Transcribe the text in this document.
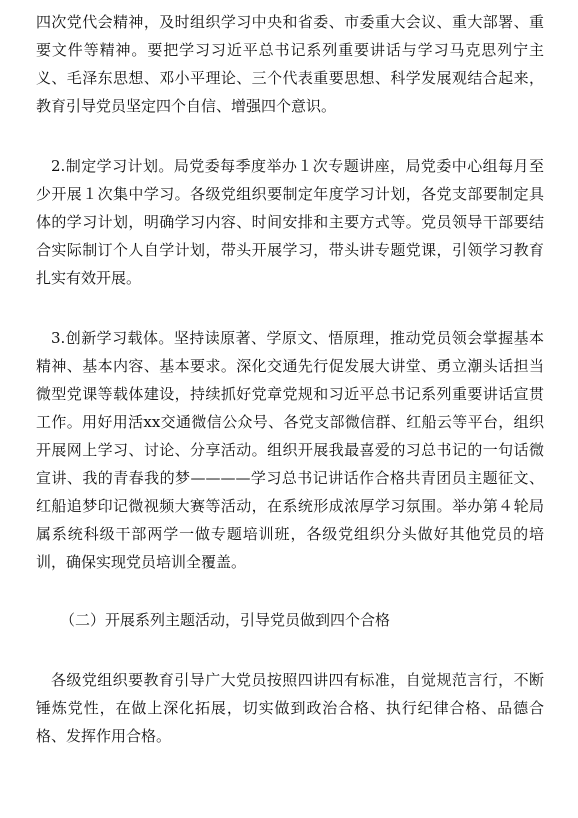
四次党代会精神，及时组织学习中央和省委、市委重大会议、重大部署、重要文件等精神。要把学习习近平总书记系列重要讲话与学习马克思列宁主义、毛泽东思想、邓小平理论、三个代表重要思想、科学发展观结合起来，教育引导党员坚定四个自信、增强四个意识。

2.制定学习计划。局党委每季度举办１次专题讲座，局党委中心组每月至少开展１次集中学习。各级党组织要制定年度学习计划，各党支部要制定具体的学习计划，明确学习内容、时间安排和主要方式等。党员领导干部要结合实际制订个人自学计划，带头开展学习，带头讲专题党课，引领学习教育扎实有效开展。

3.创新学习载体。坚持读原著、学原文、悟原理，推动党员领会掌握基本精神、基本内容、基本要求。深化交通先行促发展大讲堂、勇立潮头话担当微型党课等载体建设，持续抓好党章党规和习近平总书记系列重要讲话宣贯工作。用好用活xx交通微信公众号、各党支部微信群、红船云等平台，组织开展网上学习、讨论、分享活动。组织开展我最喜爱的习总书记的一句话微宣讲、我的青春我的梦————学习总书记讲话作合格共青团员主题征文、红船追梦印记微视频大赛等活动，在系统形成浓厚学习氛围。举办第４轮局属系统科级干部两学一做专题培训班，各级党组织分头做好其他党员的培训，确保实现党员培训全覆盖。

（二）开展系列主题活动，引导党员做到四个合格

各级党组织要教育引导广大党员按照四讲四有标准，自觉规范言行，不断锤炼党性，在做上深化拓展，切实做到政治合格、执行纪律合格、品德合格、发挥作用合格。
